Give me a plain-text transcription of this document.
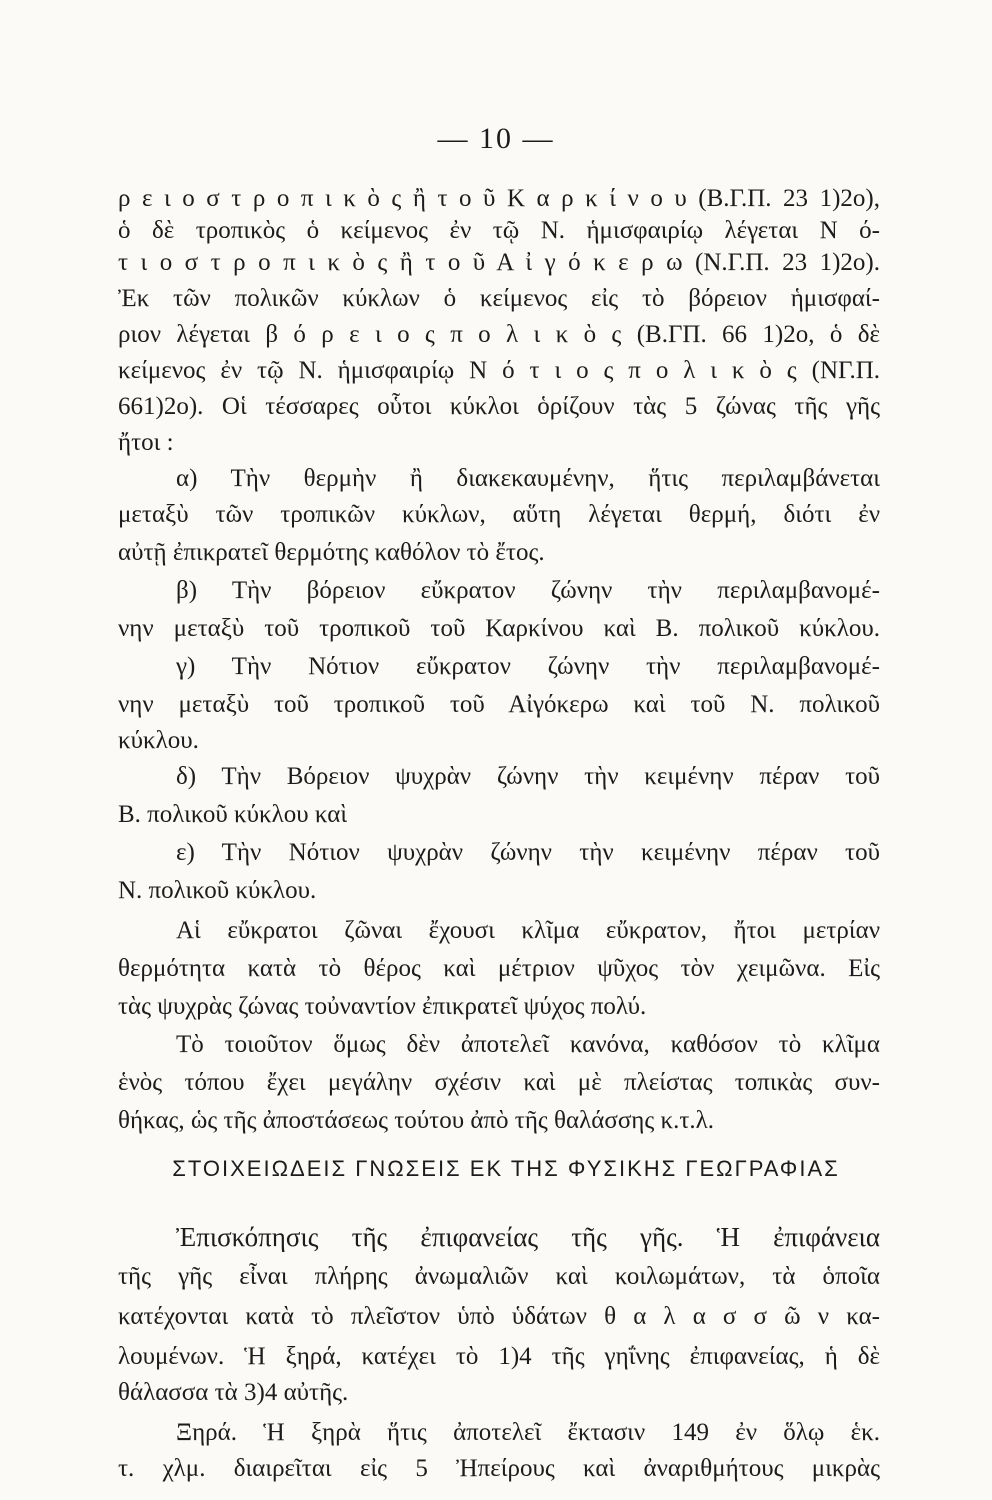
— 10 —
ρ ε ι ο σ τ ρ ο π ι κ ὸ ς ἢ τ ο ῦ Κ α ρ κ ί ν ο υ (Β.Γ.Π. 23 1)2ο),
ὁ δὲ τροπικὸς ὁ κείμενος ἐν τῷ Ν. ἡμισφαιρίῳ λέγεται Ν ό-
τ ι ο σ τ ρ ο π ι κ ὸ ς ἢ τ ο ῦ Α ἰ γ ό κ ε ρ ω (Ν.Γ.Π. 23 1)2ο).
Ἐκ τῶν πολικῶν κύκλων ὁ κείμενος εἰς τὸ βόρειον ἡμισφαί-
ριον λέγεται β ό ρ ε ι ο ς π ο λ ι κ ὸ ς (Β.ΓΠ. 66 1)2ο, ὁ δὲ
κείμενος ἐν τῷ Ν. ἡμισφαιρίῳ Ν ό τ ι ο ς π ο λ ι κ ὸ ς (ΝΓ.Π.
661)2ο). Οἱ τέσσαρες οὗτοι κύκλοι ὁρίζουν τὰς 5 ζώνας τῆς γῆς
ἤτοι :
α) Τὴν θερμὴν ἢ διακεκαυμένην, ἥτις περιλαμβάνεται
μεταξὺ τῶν τροπικῶν κύκλων, αὕτη λέγεται θερμή, διότι ἐν
αὐτῇ ἐπικρατεῖ θερμότης καθόλον τὸ ἔτος.
β) Τὴν βόρειον εὔκρατον ζώνην τὴν περιλαμβανομέ-
νην μεταξὺ τοῦ τροπικοῦ τοῦ Καρκίνου καὶ Β. πολικοῦ κύκλου.
γ) Τὴν Νότιον εὔκρατον ζώνην τὴν περιλαμβανομέ-
νην μεταξὺ τοῦ τροπικοῦ τοῦ Αἰγόκερω καὶ τοῦ Ν. πολικοῦ
κύκλου.
δ) Τὴν Βόρειον ψυχρὰν ζώνην τὴν κειμένην πέραν τοῦ
Β. πολικοῦ κύκλου καὶ
ε) Τὴν Νότιον ψυχρὰν ζώνην τὴν κειμένην πέραν τοῦ
Ν. πολικοῦ κύκλου.
Αἱ εὔκρατοι ζῶναι ἔχουσι κλῖμα εὔκρατον, ἤτοι μετρίαν
θερμότητα κατὰ τὸ θέρος καὶ μέτριον ψῦχος τὸν χειμῶνα. Εἰς
τὰς ψυχρὰς ζώνας τοὐναντίον ἐπικρατεῖ ψύχος πολύ.
Τὸ τοιοῦτον ὅμως δὲν ἀποτελεῖ κανόνα, καθόσον τὸ κλῖμα
ἑνὸς τόπου ἔχει μεγάλην σχέσιν καὶ μὲ πλείστας τοπικὰς συν-
θήκας, ὡς τῆς ἀποστάσεως τούτου ἀπὸ τῆς θαλάσσης κ.τ.λ.
ΣΤΟΙΧΕΙΩΔΕΙΣ ΓΝΩΣΕΙΣ ΕΚ ΤΗΣ ΦΥΣΙΚΗΣ ΓΕΩΓΡΑΦΙΑΣ
Ἐπισκόπησις τῆς ἐπιφανείας τῆς γῆς. Ἡ ἐπιφάνεια
τῆς γῆς εἶναι πλήρης ἀνωμαλιῶν καὶ κοιλωμάτων, τὰ ὁποῖα
κατέχονται κατὰ τὸ πλεῖστον ὑπὸ ὑδάτων θ α λ α σ σ ῶ ν κα-
λουμένων. Ἡ ξηρά, κατέχει τὸ 1)4 τῆς γηΐνης ἐπιφανείας, ἡ δὲ
θάλασσα τὰ 3)4 αὐτῆς.
Ξηρά. Ἡ ξηρὰ ἥτις ἀποτελεῖ ἔκτασιν 149 ἐν ὅλῳ ἑκ.
τ. χλμ. διαιρεῖται εἰς 5 Ἠπείρους καὶ ἀναριθμήτους μικρὰς
